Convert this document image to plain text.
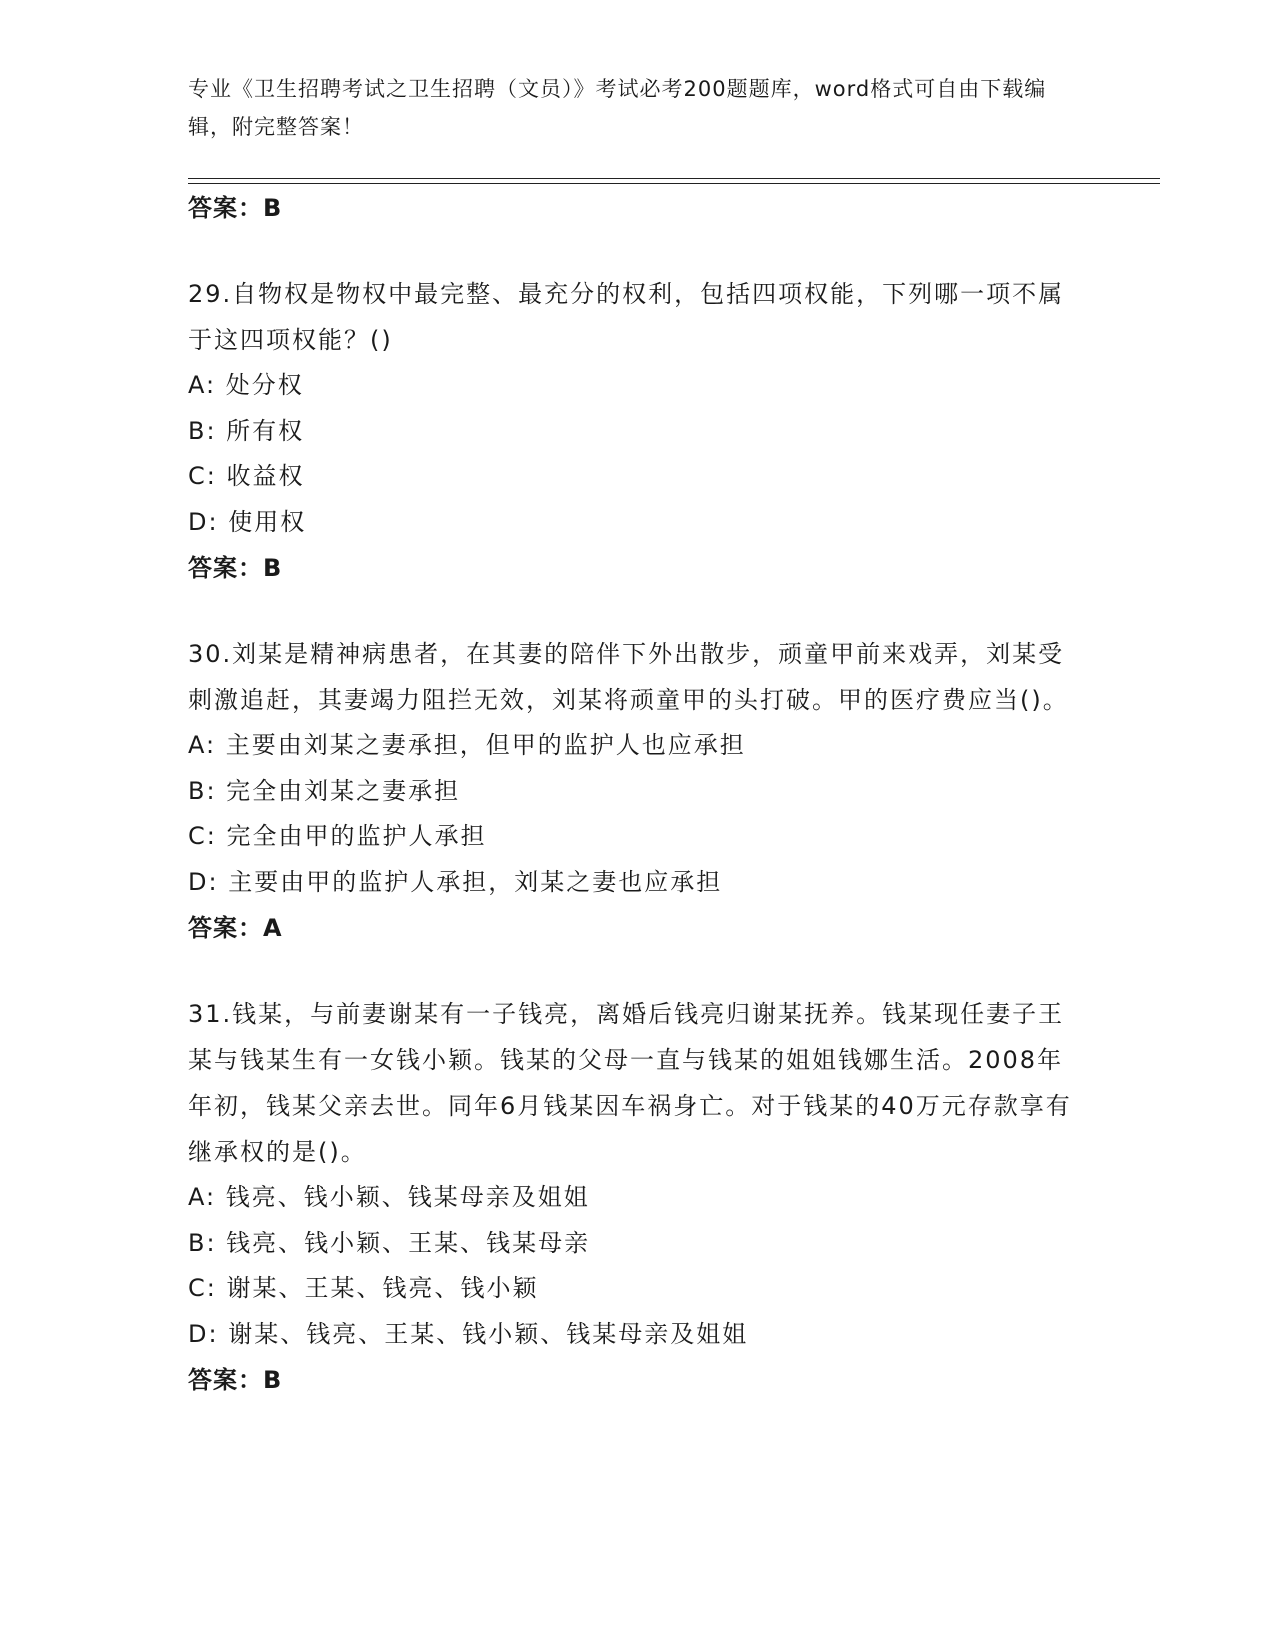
专业《卫生招聘考试之卫生招聘（文员）》考试必考200题题库，word格式可自由下载编辑，附完整答案！
答案：B
29.自物权是物权中最完整、最充分的权利，包括四项权能，下列哪一项不属于这四项权能？()
A: 处分权
B: 所有权
C: 收益权
D: 使用权
答案：B
30.刘某是精神病患者，在其妻的陪伴下外出散步，顽童甲前来戏弄，刘某受刺激追赶，其妻竭力阻拦无效，刘某将顽童甲的头打破。甲的医疗费应当()。
A: 主要由刘某之妻承担，但甲的监护人也应承担
B: 完全由刘某之妻承担
C: 完全由甲的监护人承担
D: 主要由甲的监护人承担，刘某之妻也应承担
答案：A
31.钱某，与前妻谢某有一子钱亮，离婚后钱亮归谢某抚养。钱某现任妻子王某与钱某生有一女钱小颖。钱某的父母一直与钱某的姐姐钱娜生活。2008年年初，钱某父亲去世。同年6月钱某因车祸身亡。对于钱某的40万元存款享有继承权的是()。
A: 钱亮、钱小颖、钱某母亲及姐姐
B: 钱亮、钱小颖、王某、钱某母亲
C: 谢某、王某、钱亮、钱小颖
D: 谢某、钱亮、王某、钱小颖、钱某母亲及姐姐
答案：B
